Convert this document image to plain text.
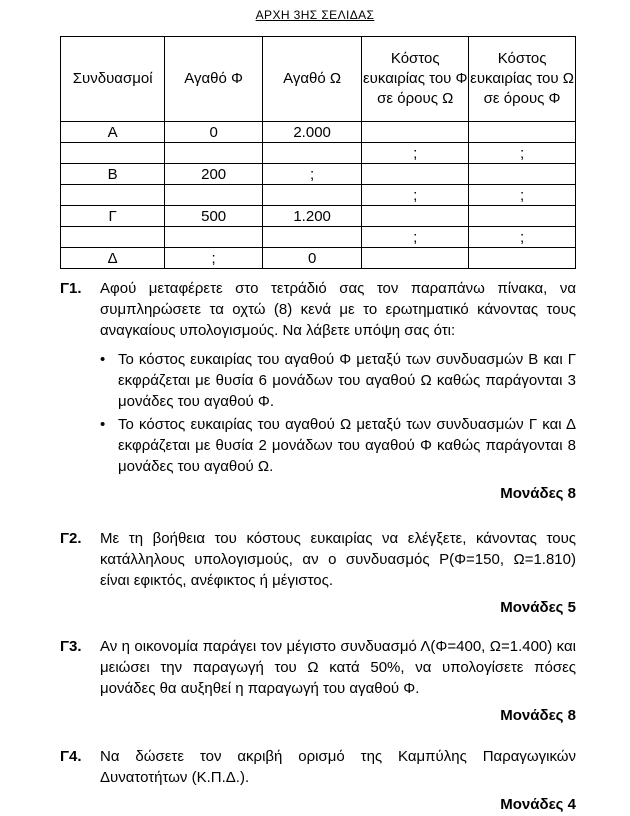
ΑΡΧΗ 3ΗΣ ΣΕΛΙΔΑΣ
Συνδυασμοί	Αγαθό Φ	Αγαθό Ω	Κόστος ευκαιρίας του Φ σε όρους Ω	Κόστος ευκαιρίας του Ω σε όρους Φ
Α	0	2.000		
			;	;
Β	200	;		
			;	;
Γ	500	1.200		
			;	;
Δ	;	0		
Γ1. Αφού μεταφέρετε στο τετράδιό σας τον παραπάνω πίνακα, να συμπληρώσετε τα οχτώ (8) κενά με το ερωτηματικό κάνοντας τους αναγκαίους υπολογισμούς. Να λάβετε υπόψη σας ότι:
• Το κόστος ευκαιρίας του αγαθού Φ μεταξύ των συνδυασμών Β και Γ εκφράζεται με θυσία 6 μονάδων του αγαθού Ω καθώς παράγονται 3 μονάδες του αγαθού Φ.
• Το κόστος ευκαιρίας του αγαθού Ω μεταξύ των συνδυασμών Γ και Δ εκφράζεται με θυσία 2 μονάδων του αγαθού Φ καθώς παράγονται 8 μονάδες του αγαθού Ω.
Μονάδες 8
Γ2. Με τη βοήθεια του κόστους ευκαιρίας να ελέγξετε, κάνοντας τους κατάλληλους υπολογισμούς, αν ο συνδυασμός Ρ(Φ=150, Ω=1.810) είναι εφικτός, ανέφικτος ή μέγιστος.
Μονάδες 5
Γ3. Αν η οικονομία παράγει τον μέγιστο συνδυασμό Λ(Φ=400, Ω=1.400) και μειώσει την παραγωγή του Ω κατά 50%, να υπολογίσετε πόσες μονάδες θα αυξηθεί η παραγωγή του αγαθού Φ.
Μονάδες 8
Γ4. Να δώσετε τον ακριβή ορισμό της Καμπύλης Παραγωγικών Δυνατοτήτων (Κ.Π.Δ.).
Μονάδες 4
